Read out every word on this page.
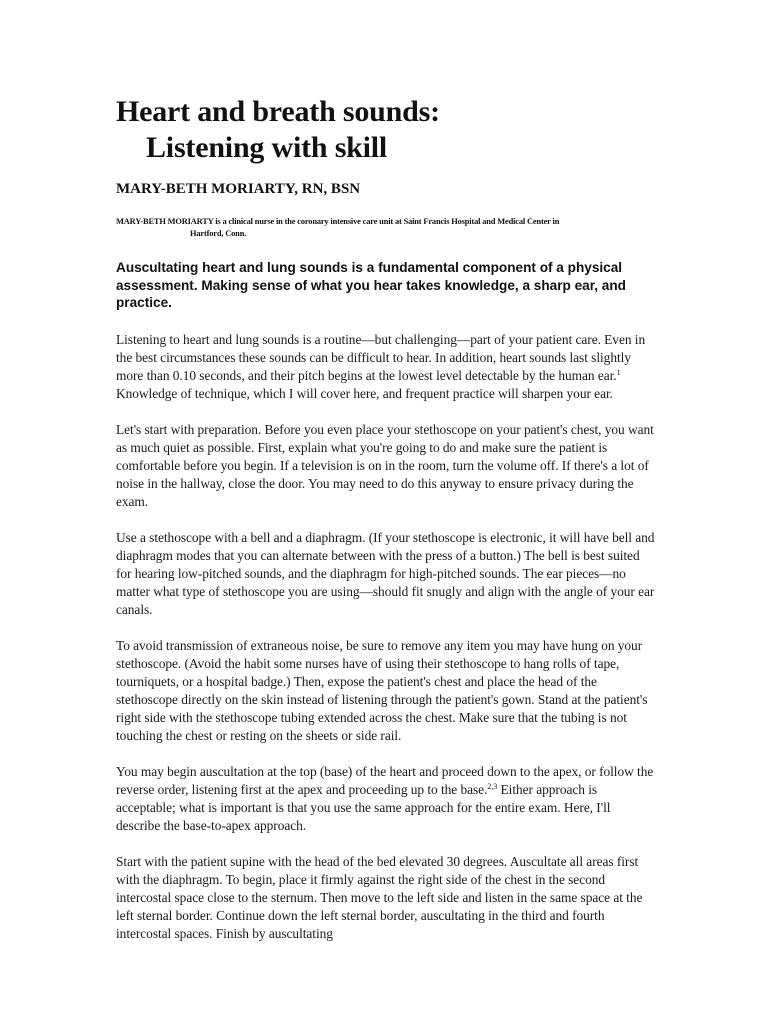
Heart and breath sounds:
Listening with skill
MARY-BETH MORIARTY, RN, BSN
MARY-BETH MORIARTY is a clinical nurse in the coronary intensive care unit at Saint Francis Hospital and Medical Center in
Hartford, Conn.
Auscultating heart and lung sounds is a fundamental component of a physical assessment. Making sense of what you hear takes knowledge, a sharp ear, and practice.

Listening to heart and lung sounds is a routine—but challenging—part of your patient care. Even in the best circumstances these sounds can be difficult to hear. In addition, heart sounds last slightly more than 0.10 seconds, and their pitch begins at the lowest level detectable by the human ear.$^1$ Knowledge of technique, which I will cover here, and frequent practice will sharpen your ear.

Let's start with preparation. Before you even place your stethoscope on your patient's chest, you want as much quiet as possible. First, explain what you're going to do and make sure the patient is comfortable before you begin. If a television is on in the room, turn the volume off. If there's a lot of noise in the hallway, close the door. You may need to do this anyway to ensure privacy during the exam.

Use a stethoscope with a bell and a diaphragm. (If your stethoscope is electronic, it will have bell and diaphragm modes that you can alternate between with the press of a button.) The bell is best suited for hearing low-pitched sounds, and the diaphragm for high-pitched sounds. The ear pieces—no matter what type of stethoscope you are using—should fit snugly and align with the angle of your ear canals.

To avoid transmission of extraneous noise, be sure to remove any item you may have hung on your stethoscope. (Avoid the habit some nurses have of using their stethoscope to hang rolls of tape, tourniquets, or a hospital badge.) Then, expose the patient's chest and place the head of the stethoscope directly on the skin instead of listening through the patient's gown. Stand at the patient's right side with the stethoscope tubing extended across the chest. Make sure that the tubing is not touching the chest or resting on the sheets or side rail.

You may begin auscultation at the top (base) of the heart and proceed down to the apex, or follow the reverse order, listening first at the apex and proceeding up to the base.$^{2,3}$ Either approach is acceptable; what is important is that you use the same approach for the entire exam. Here, I'll describe the base-to-apex approach.

Start with the patient supine with the head of the bed elevated 30 degrees. Auscultate all areas first with the diaphragm. To begin, place it firmly against the right side of the chest in the second intercostal space close to the sternum. Then move to the left side and listen in the same space at the left sternal border. Continue down the left sternal border, auscultating in the third and fourth intercostal spaces. Finish by auscultating
